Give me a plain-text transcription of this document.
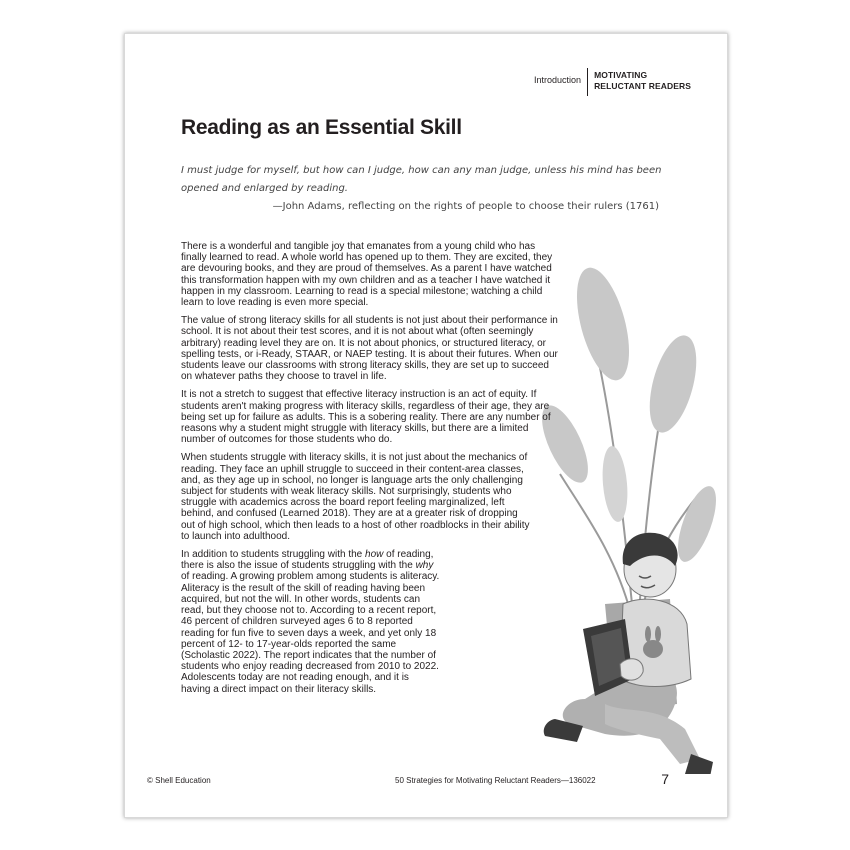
Introduction	MOTIVATING
RELUCTANT READERS
Reading as an Essential Skill

I must judge for myself, but how can I judge, how can any man judge, unless his mind has been opened and enlarged by reading.

—John Adams, reflecting on the rights of people to choose their rulers (1761)

There is a wonderful and tangible joy that emanates from a young child who has finally learned to read. A whole world has opened up to them. They are excited, they are devouring books, and they are proud of themselves. As a parent I have watched this transformation happen with my own children and as a teacher I have watched it happen in my classroom. Learning to read is a special milestone; watching a child learn to love reading is even more special.

The value of strong literacy skills for all students is not just about their performance in school. It is not about their test scores, and it is not about what (often seemingly arbitrary) reading level they are on. It is not about phonics, or structured literacy, or spelling tests, or i-Ready, STAAR, or NAEP testing. It is about their futures. When our students leave our classrooms with strong literacy skills, they are set up to succeed on whatever paths they choose to travel in life.

It is not a stretch to suggest that effective literacy instruction is an act of equity. If students aren't making progress with literacy skills, regardless of their age, they are being set up for failure as adults. This is a sobering reality. There are any number of reasons why a student might struggle with literacy skills, but there are a limited number of outcomes for those students who do.

When students struggle with literacy skills, it is not just about the mechanics of reading. They face an uphill struggle to succeed in their content-area classes, and, as they age up in school, no longer is language arts the only challenging subject for students with weak literacy skills. Not surprisingly, students who struggle with academics across the board report feeling marginalized, left behind, and confused (Learned 2018). They are at a greater risk of dropping out of high school, which then leads to a host of other roadblocks in their ability to launch into adulthood.

In addition to students struggling with the how of reading, there is also the issue of students struggling with the why of reading. A growing problem among students is aliteracy. Aliteracy is the result of the skill of reading having been acquired, but not the will. In other words, students can read, but they choose not to. According to a recent report, 46 percent of children surveyed ages 6 to 8 reported reading for fun five to seven days a week, and yet only 18 percent of 12- to 17-year-olds reported the same (Scholastic 2022). The report indicates that the number of students who enjoy reading decreased from 2010 to 2022. Adolescents today are not reading enough, and it is having a direct impact on their literacy skills.

© Shell Education	50 Strategies for Motivating Reluctant Readers—136022	7
